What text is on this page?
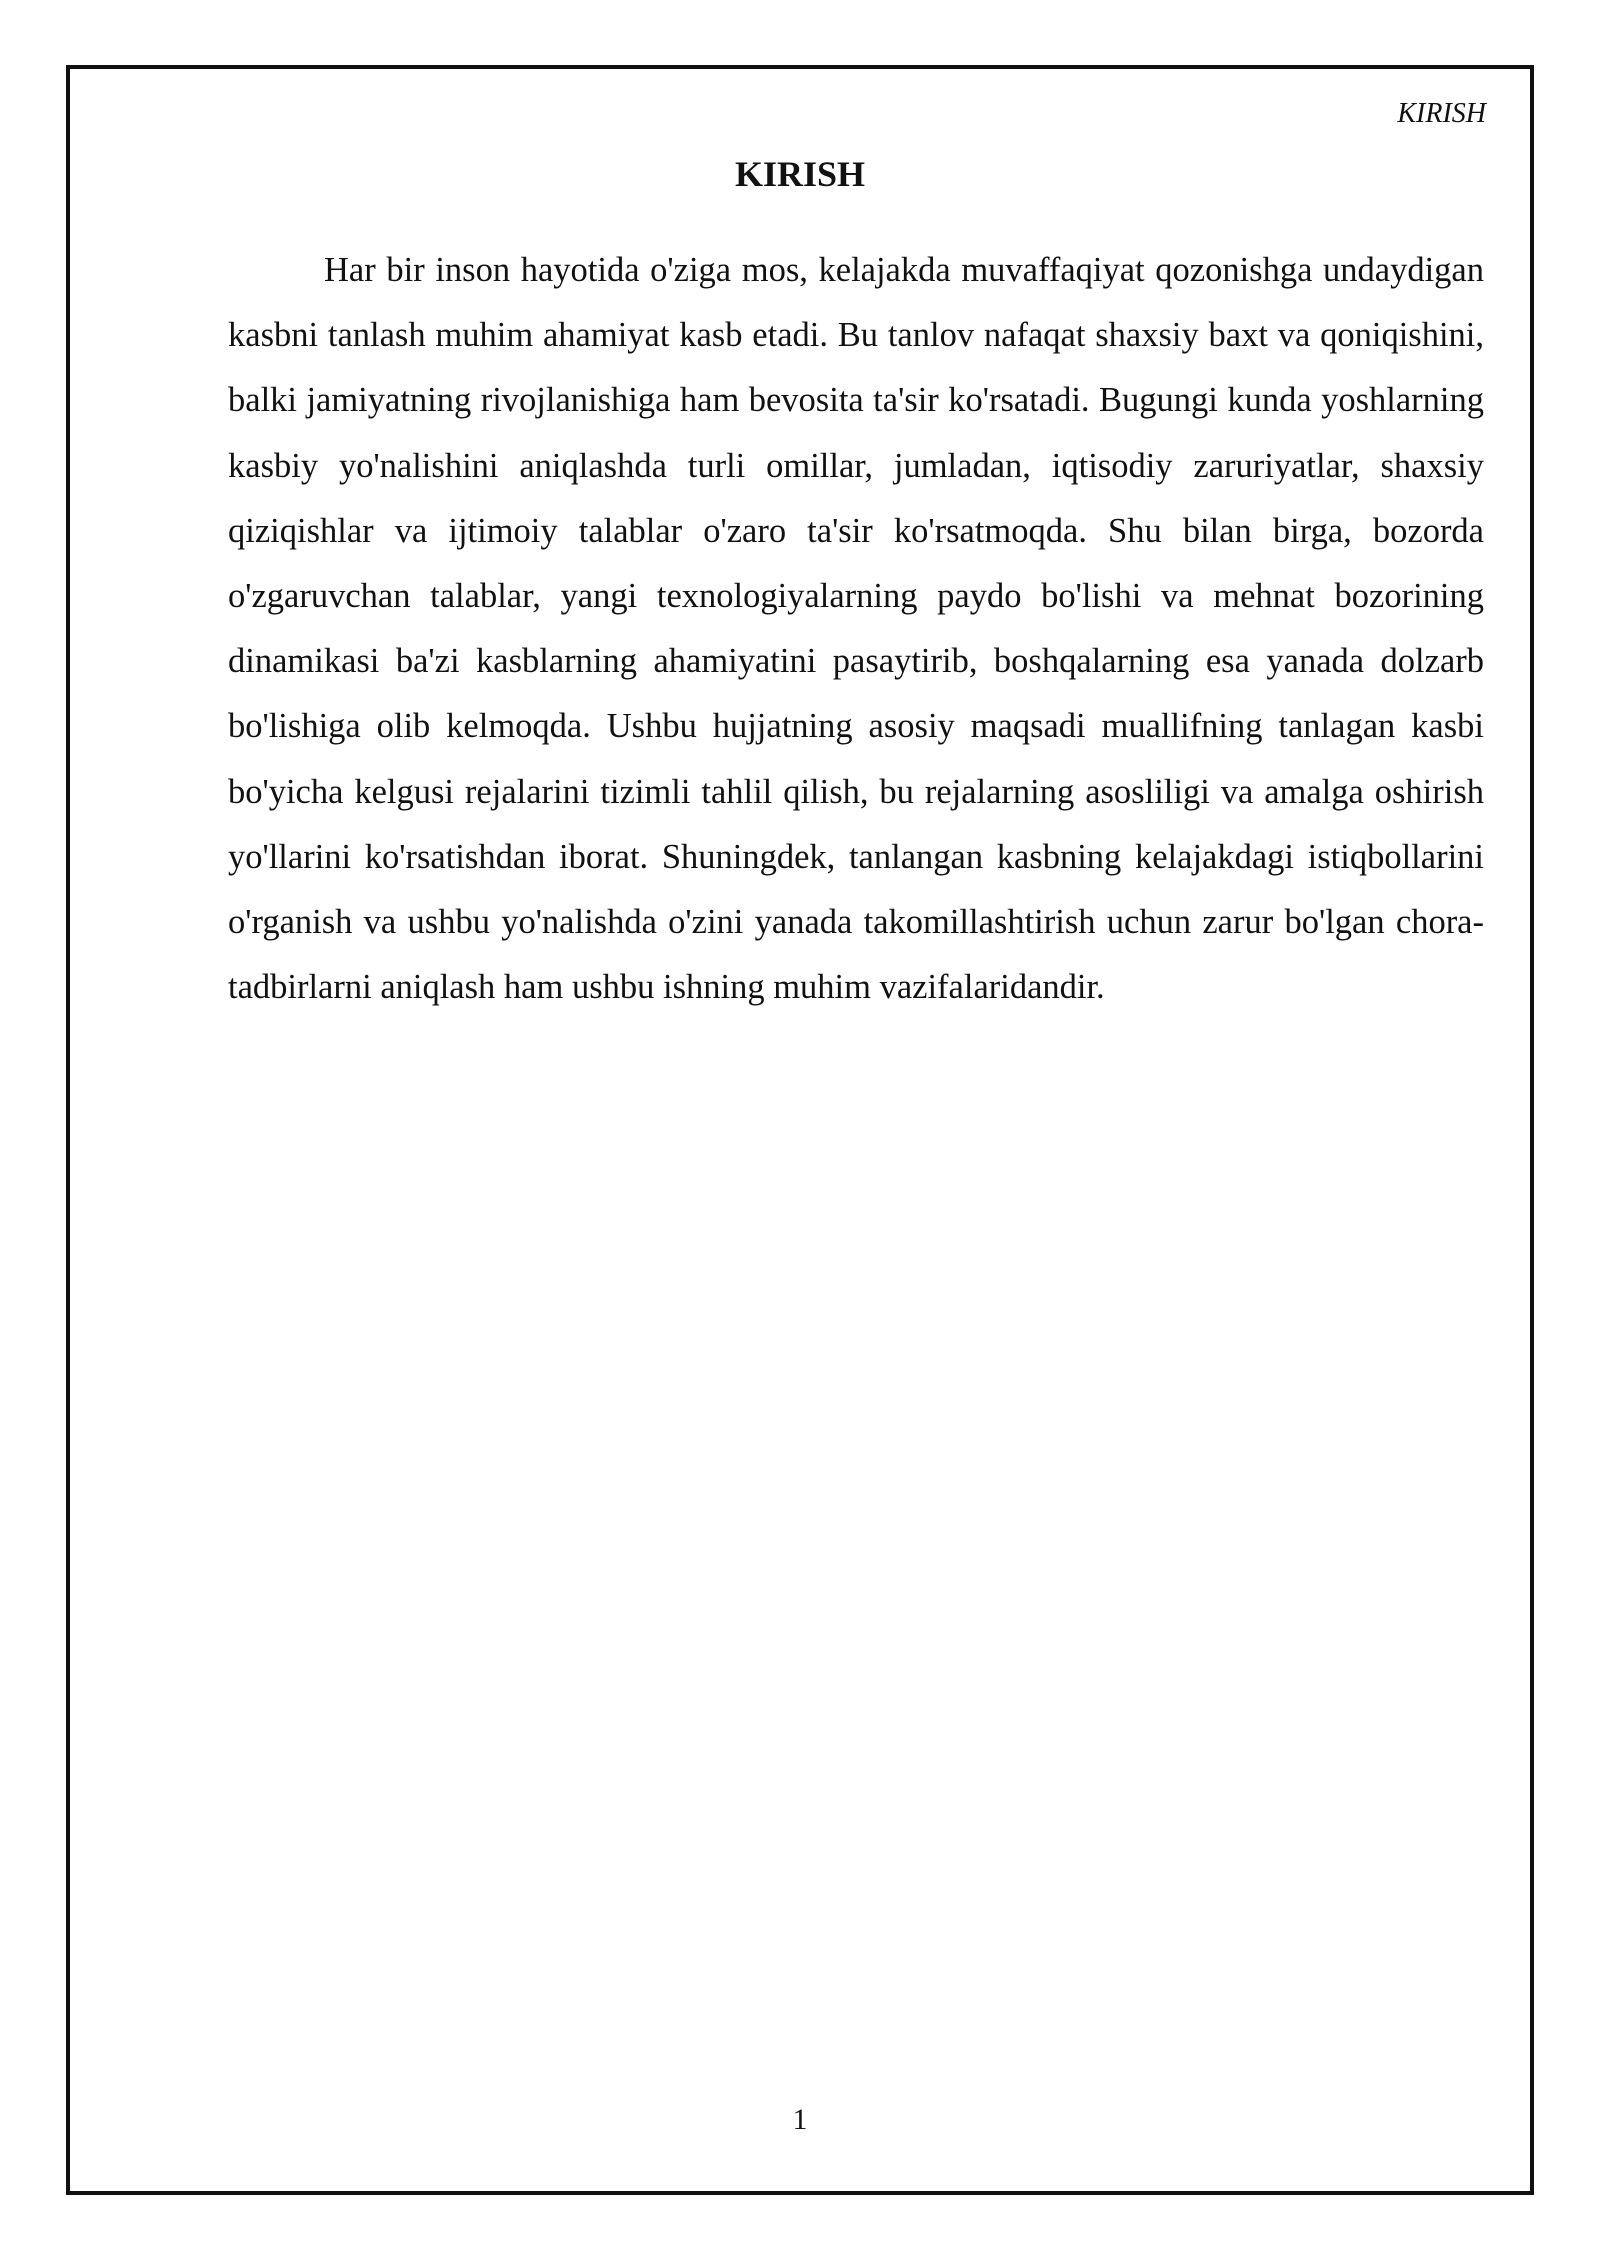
KIRISH
KIRISH

Har bir inson hayotida o'ziga mos, kelajakda muvaffaqiyat qozonishga undaydigan kasbni tanlash muhim ahamiyat kasb etadi. Bu tanlov nafaqat shaxsiy baxt va qoniqishini, balki jamiyatning rivojlanishiga ham bevosita ta'sir ko'rsatadi. Bugungi kunda yoshlarning kasbiy yo'nalishini aniqlashda turli omillar, jumladan, iqtisodiy zaruriyatlar, shaxsiy qiziqishlar va ijtimoiy talablar o'zaro ta'sir ko'rsatmoqda. Shu bilan birga, bozorda o'zgaruvchan talablar, yangi texnologiyalarning paydo bo'lishi va mehnat bozorining dinamikasi ba'zi kasblarning ahamiyatini pasaytirib, boshqalarning esa yanada dolzarb bo'lishiga olib kelmoqda. Ushbu hujjatning asosiy maqsadi muallifning tanlagan kasbi bo'yicha kelgusi rejalarini tizimli tahlil qilish, bu rejalarning asosliligi va amalga oshirish yo'llarini ko'rsatishdan iborat. Shuningdek, tanlangan kasbning kelajakdagi istiqbollarini o'rganish va ushbu yo'nalishda o'zini yanada takomillashtirish uchun zarur bo'lgan chora-tadbirlarni aniqlash ham ushbu ishning muhim vazifalaridandir.

1
